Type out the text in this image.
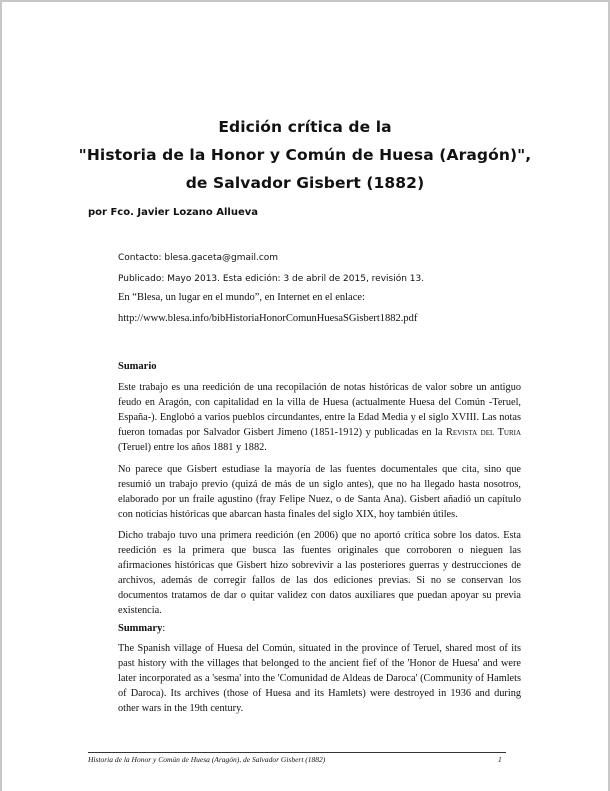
Edición crítica de la
"Historia de la Honor y Común de Huesa (Aragón)",
de Salvador Gisbert (1882)
por Fco. Javier Lozano Allueva
Contacto: blesa.gaceta@gmail.com
Publicado: Mayo 2013. Esta edición: 3 de abril de 2015, revisión 13.
En “Blesa, un lugar en el mundo”, en Internet en el enlace:
http://www.blesa.info/bibHistoriaHonorComunHuesaSGisbert1882.pdf
Sumario
Este trabajo es una reedición de una recopilación de notas históricas de valor sobre un antiguo feudo en Aragón, con capitalidad en la villa de Huesa (actualmente Huesa del Común -Teruel, España-). Englobó a varios pueblos circundantes, entre la Edad Media y el siglo XVIII. Las notas fueron tomadas por Salvador Gisbert Jimeno (1851-1912) y publicadas en la Revista del Turia (Teruel) entre los años 1881 y 1882.
No parece que Gisbert estudiase la mayoría de las fuentes documentales que cita, sino que resumió un trabajo previo (quizá de más de un siglo antes), que no ha llegado hasta nosotros, elaborado por un fraile agustino (fray Felipe Nuez, o de Santa Ana). Gisbert añadió un capítulo con noticias históricas que abarcan hasta finales del siglo XIX, hoy también útiles.
Dicho trabajo tuvo una primera reedición (en 2006) que no aportó crítica sobre los datos. Esta reedición es la primera que busca las fuentes originales que corroboren o nieguen las afirmaciones históricas que Gisbert hizo sobrevivir a las posteriores guerras y destrucciones de archivos, además de corregir fallos de las dos ediciones previas. Si no se conservan los documentos tratamos de dar o quitar validez con datos auxiliares que puedan apoyar su previa existencia.
Summary:
The Spanish village of Huesa del Común, situated in the province of Teruel, shared most of its past history with the villages that belonged to the ancient fief of the 'Honor de Huesa' and were later incorporated as a 'sesma' into the 'Comunidad de Aldeas de Daroca' (Community of Hamlets of Daroca). Its archives (those of Huesa and its Hamlets) were destroyed in 1936 and during other wars in the 19th century.
Historia de la Honor y Común de Huesa (Aragón), de Salvador Gisbert (1882)	1
